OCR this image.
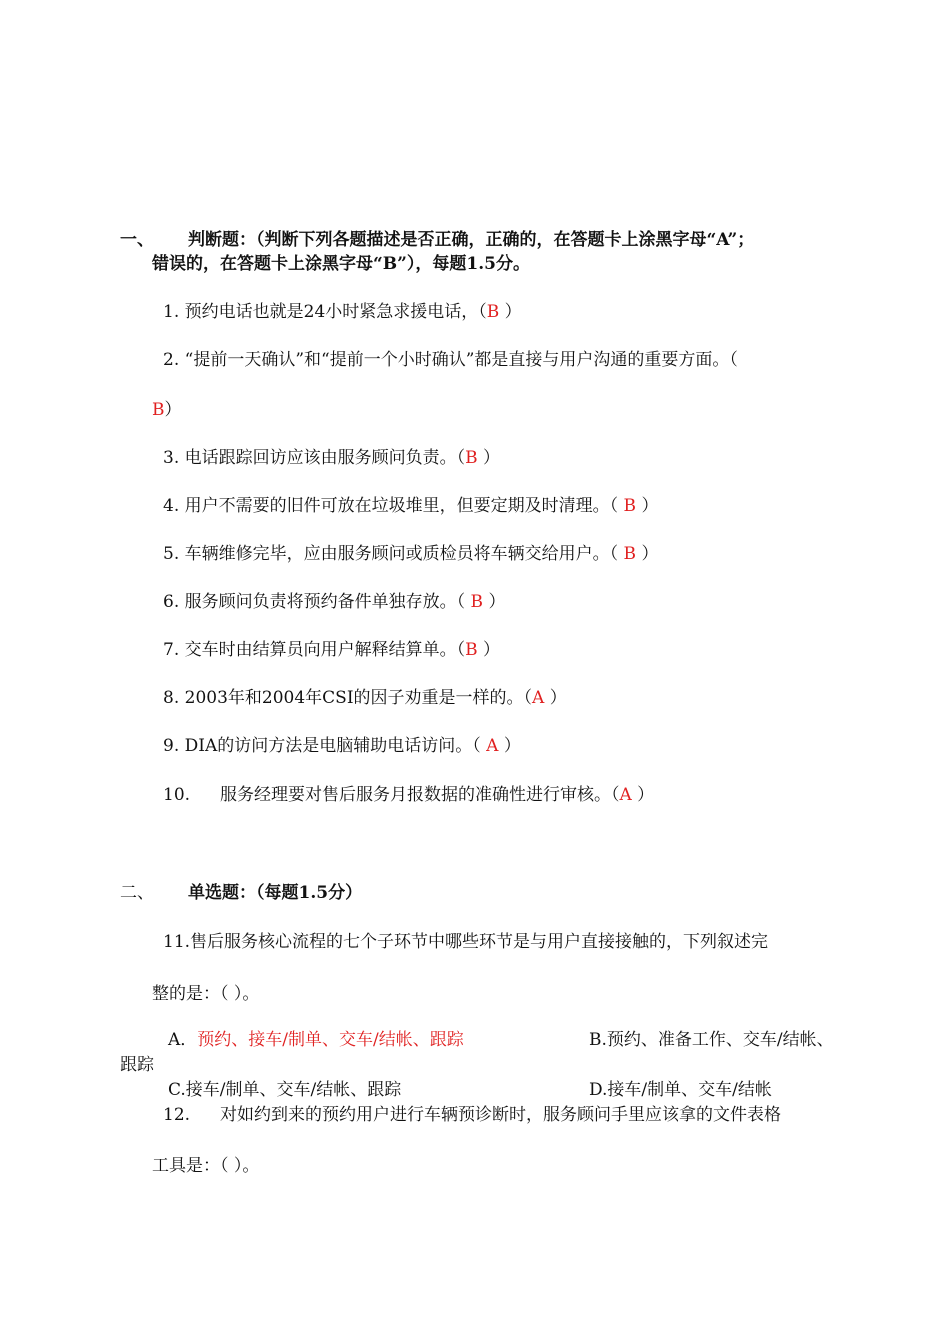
一、 判断题：（判断下列各题描述是否正确，正确的，在答题卡上涂黑字母“A”；
错误的，在答题卡上涂黑字母“B”），每题1.5分。
1. 预约电话也就是24小时紧急求援电话，（B ）
2. “提前一天确认”和“提前一个小时确认”都是直接与用户沟通的重要方面。（
B）
3. 电话跟踪回访应该由服务顾问负责。（B ）
4. 用户不需要的旧件可放在垃圾堆里，但要定期及时清理。（ B ）
5. 车辆维修完毕，应由服务顾问或质检员将车辆交给用户。（ B ）
6. 服务顾问负责将预约备件单独存放。（ B ）
7. 交车时由结算员向用户解释结算单。（B ）
8. 2003年和2004年CSI的因子劝重是一样的。（A ）
9. DIA的访问方法是电脑辅助电话访问。（ A ）
10. 服务经理要对售后服务月报数据的准确性进行审核。（A ）
二、 单选题：（每题1.5分）
11.售后服务核心流程的七个子环节中哪些环节是与用户直接接触的，下列叙述完
整的是：（ ）。
A．预约、接车/制单、交车/结帐、跟踪	B.预约、准备工作、交车/结帐、
跟踪
C.接车/制单、交车/结帐、跟踪	D.接车/制单、交车/结帐
12. 对如约到来的预约用户进行车辆预诊断时，服务顾问手里应该拿的文件表格
工具是：（ ）。
